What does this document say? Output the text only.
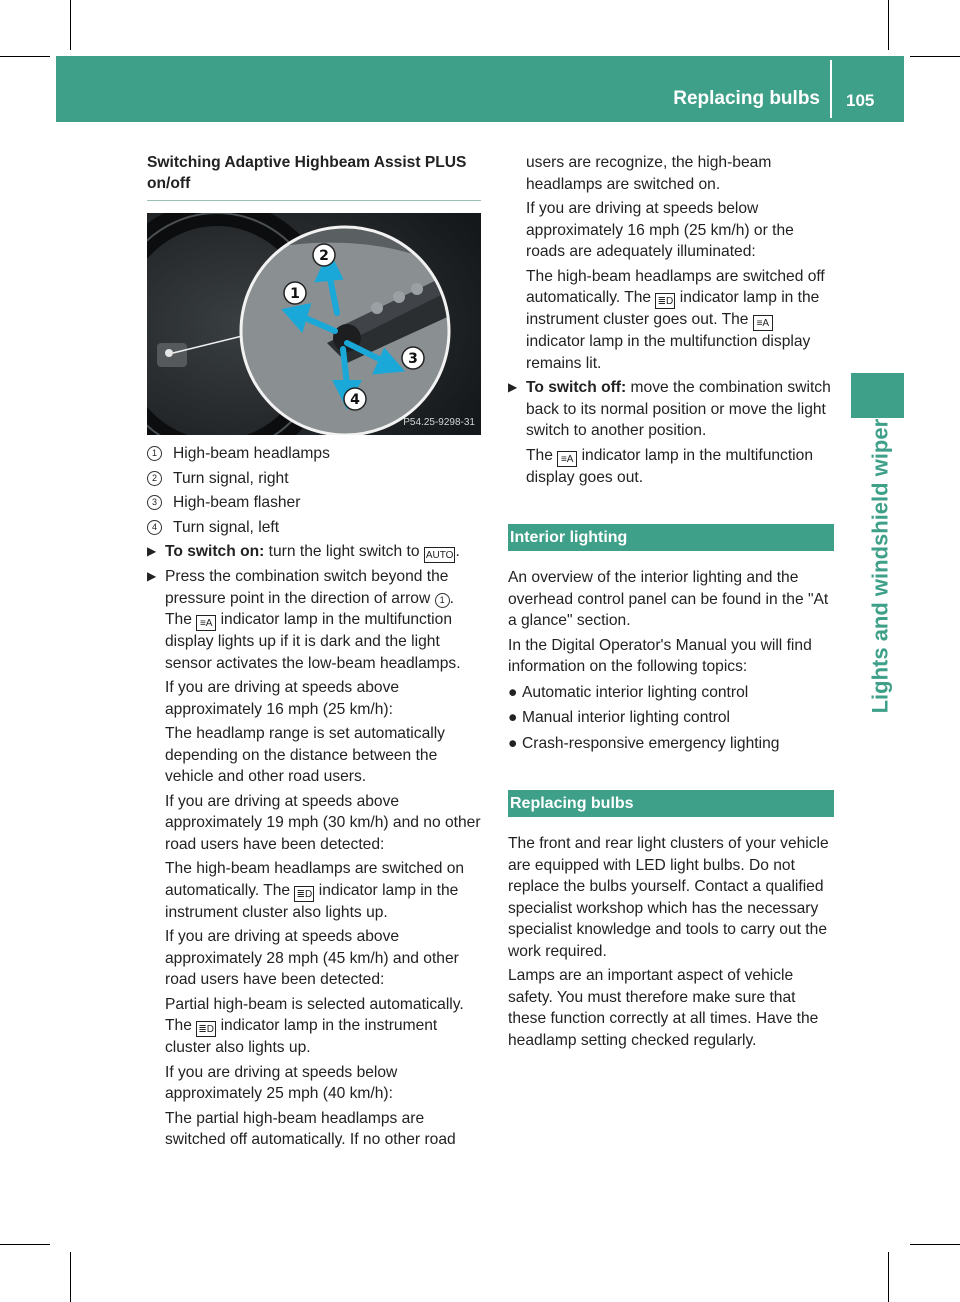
Replacing bulbs 105
Lights and windshield wipers
Switching Adaptive Highbeam Assist PLUS on/off
2
1
3
4
P54.25-9298-31
1	High-beam headlamps
2	Turn signal, right
3	High-beam flasher
4	Turn signal, left
▶ To switch on: turn the light switch to AUTO .
▶ Press the combination switch beyond the pressure point in the direction of arrow 1 . The ≡A indicator lamp in the multifunction display lights up if it is dark and the light sensor activates the low-beam headlamps.

If you are driving at speeds above approximately 16 mph (25 km/h):

The headlamp range is set automatically depending on the distance between the vehicle and other road users.

If you are driving at speeds above approximately 19 mph (30 km/h) and no other road users have been detected:

The high-beam headlamps are switched on automatically. The ≣D indicator lamp in the instrument cluster also lights up.

If you are driving at speeds above approximately 28 mph (45 km/h) and other road users have been detected:

Partial high-beam is selected automatically. The ≣D indicator lamp in the instrument cluster also lights up.

If you are driving at speeds below approximately 25 mph (40 km/h):

The partial high-beam headlamps are switched off automatically. If no other road

users are recognize, the high-beam headlamps are switched on.

If you are driving at speeds below approximately 16 mph (25 km/h) or the roads are adequately illuminated:

The high-beam headlamps are switched off automatically. The ≣D indicator lamp in the instrument cluster goes out. The ≡A indicator lamp in the multifunction display remains lit.

▶ To switch off: move the combination switch back to its normal position or move the light switch to another position.

The ≡A indicator lamp in the multifunction display goes out.

Interior lighting

An overview of the interior lighting and the overhead control panel can be found in the "At a glance" section.

In the Digital Operator's Manual you will find information on the following topics:

● Automatic interior lighting control
● Manual interior lighting control
● Crash-responsive emergency lighting
Replacing bulbs

The front and rear light clusters of your vehicle are equipped with LED light bulbs. Do not replace the bulbs yourself. Contact a qualified specialist workshop which has the necessary specialist knowledge and tools to carry out the work required.

Lamps are an important aspect of vehicle safety. You must therefore make sure that these function correctly at all times. Have the headlamp setting checked regularly.
